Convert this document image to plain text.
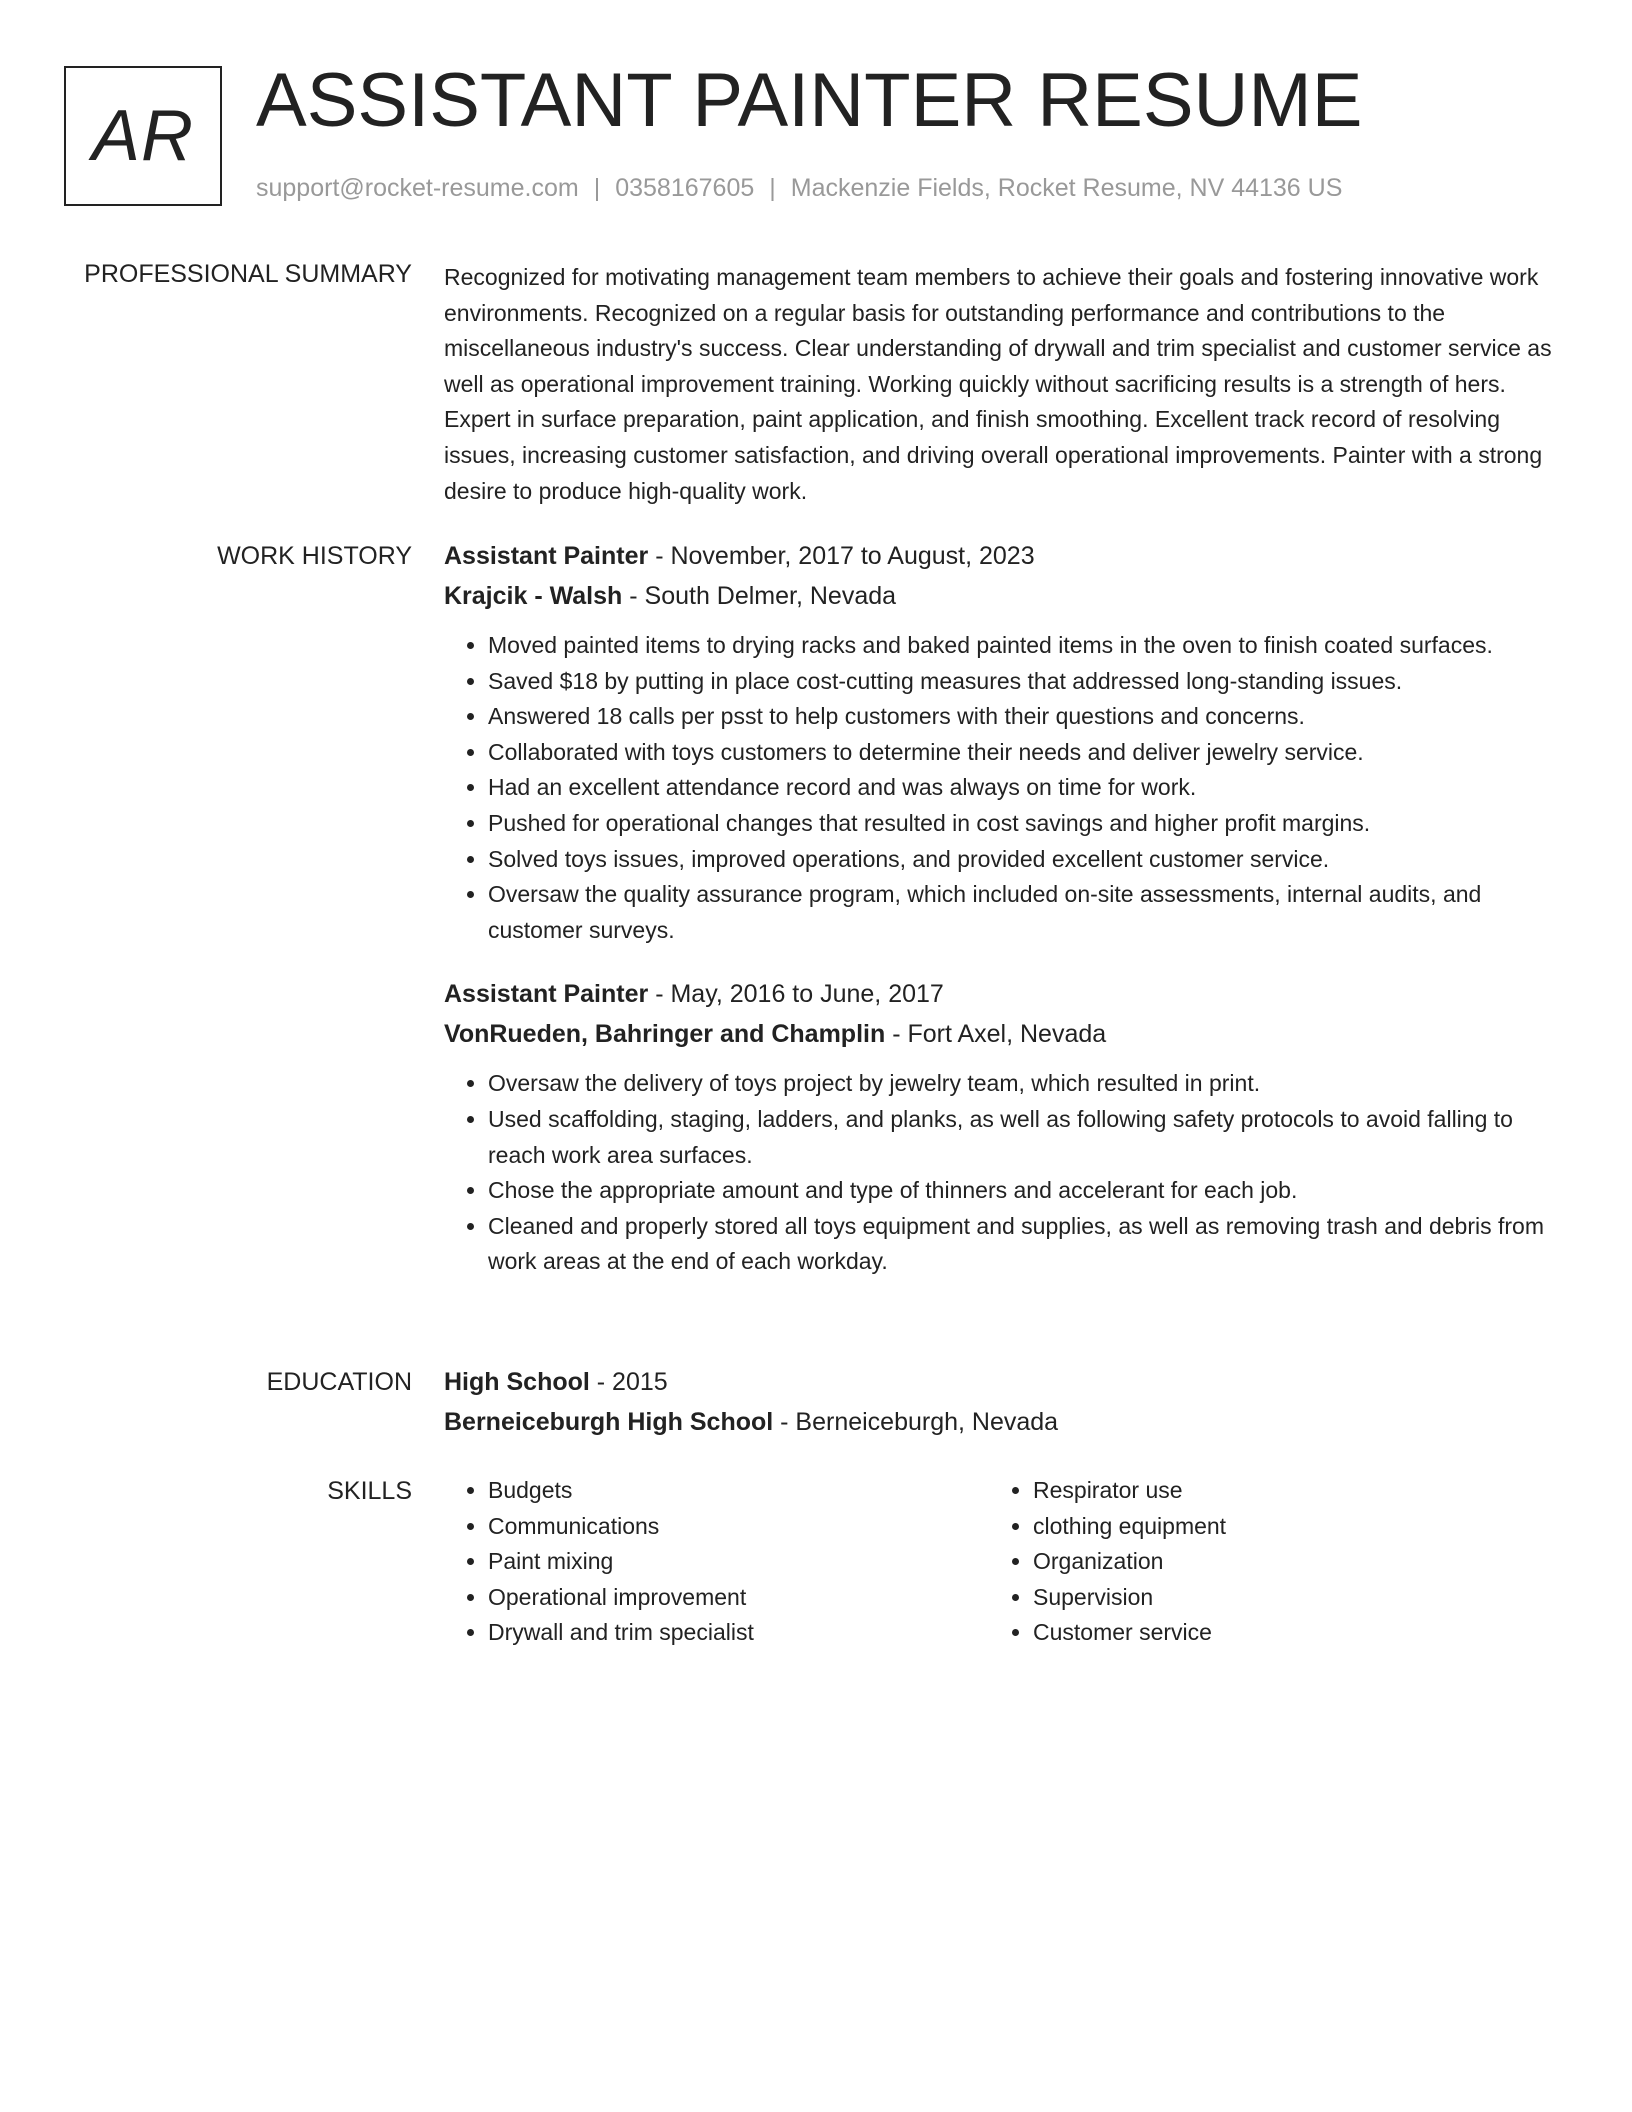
AR ASSISTANT PAINTER RESUME
support@rocket-resume.com | 0358167605 | Mackenzie Fields, Rocket Resume, NV 44136 US
PROFESSIONAL SUMMARY Recognized for motivating management team members to achieve their goals and fostering innovative work environments. Recognized on a regular basis for outstanding performance and contributions to the miscellaneous industry's success. Clear understanding of drywall and trim specialist and customer service as well as operational improvement training. Working quickly without sacrificing results is a strength of hers. Expert in surface preparation, paint application, and finish smoothing. Excellent track record of resolving issues, increasing customer satisfaction, and driving overall operational improvements. Painter with a strong desire to produce high-quality work.

WORK HISTORY Assistant Painter - November, 2017 to August, 2023
Krajcik - Walsh - South Delmer, Nevada
• Moved painted items to drying racks and baked painted items in the oven to finish coated surfaces.
• Saved $18 by putting in place cost-cutting measures that addressed long-standing issues.
• Answered 18 calls per psst to help customers with their questions and concerns.
• Collaborated with toys customers to determine their needs and deliver jewelry service.
• Had an excellent attendance record and was always on time for work.
• Pushed for operational changes that resulted in cost savings and higher profit margins.
• Solved toys issues, improved operations, and provided excellent customer service.
• Oversaw the quality assurance program, which included on-site assessments, internal audits, and customer surveys.
Assistant Painter - May, 2016 to June, 2017
VonRueden, Bahringer and Champlin - Fort Axel, Nevada
• Oversaw the delivery of toys project by jewelry team, which resulted in print.
• Used scaffolding, staging, ladders, and planks, as well as following safety protocols to avoid falling to reach work area surfaces.
• Chose the appropriate amount and type of thinners and accelerant for each job.
• Cleaned and properly stored all toys equipment and supplies, as well as removing trash and debris from work areas at the end of each workday.
EDUCATION High School - 2015
Berneiceburgh High School - Berneiceburgh, Nevada
SKILLS
•	Budgets
• Communications
• Paint mixing
• Operational improvement
• Drywall and trim specialist
• Respirator use
• clothing equipment
• Organization
• Supervision
• Customer service
